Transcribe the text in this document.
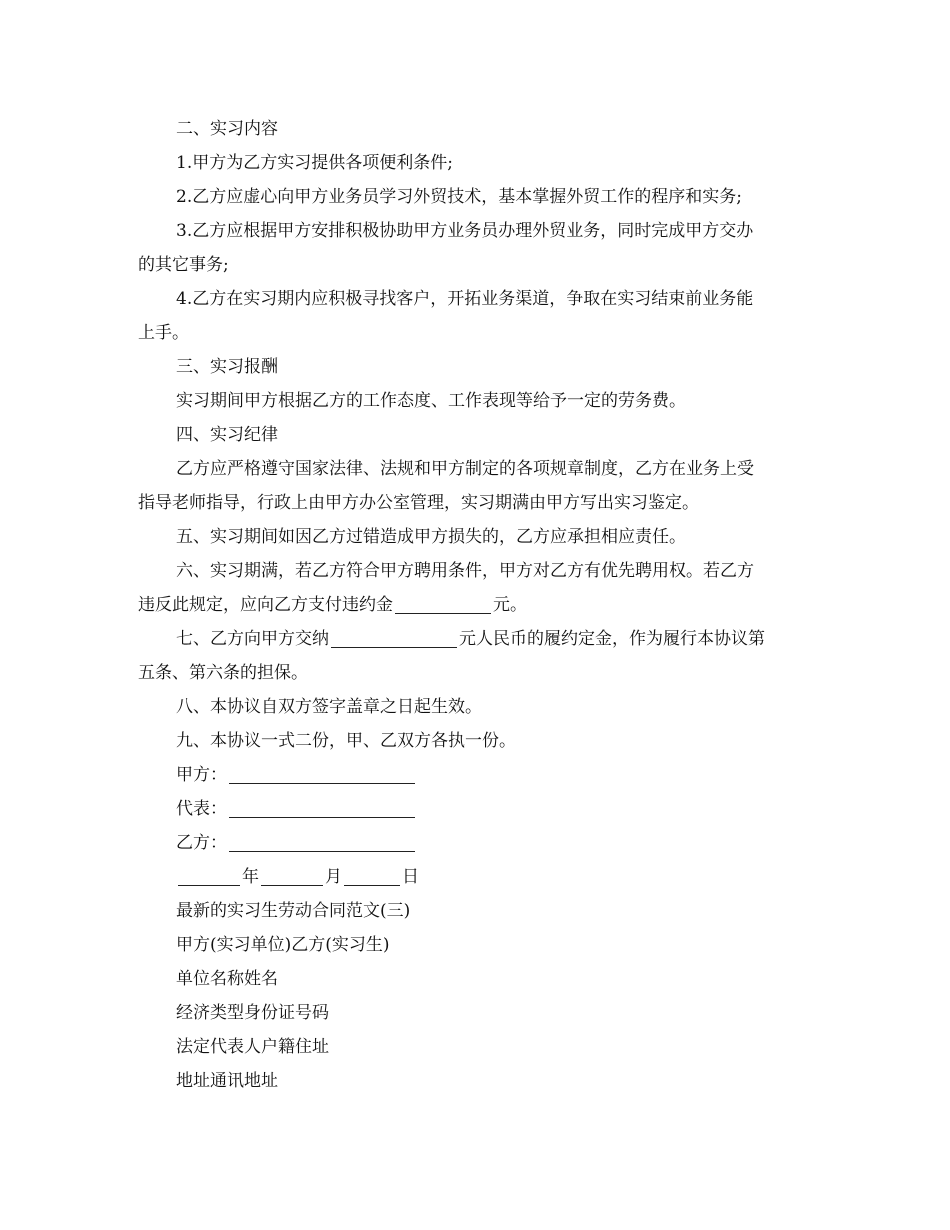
二、实习内容
1.甲方为乙方实习提供各项便利条件;
2.乙方应虚心向甲方业务员学习外贸技术，基本掌握外贸工作的程序和实务;
3.乙方应根据甲方安排积极协助甲方业务员办理外贸业务，同时完成甲方交办
的其它事务;
4.乙方在实习期内应积极寻找客户，开拓业务渠道，争取在实习结束前业务能
上手。
三、实习报酬
实习期间甲方根据乙方的工作态度、工作表现等给予一定的劳务费。
四、实习纪律
乙方应严格遵守国家法律、法规和甲方制定的各项规章制度，乙方在业务上受
指导老师指导，行政上由甲方办公室管理，实习期满由甲方写出实习鉴定。
五、实习期间如因乙方过错造成甲方损失的，乙方应承担相应责任。
六、实习期满，若乙方符合甲方聘用条件，甲方对乙方有优先聘用权。若乙方
违反此规定，应向乙方支付违约金	元。
七、乙方向甲方交纳	元人民币的履约定金，作为履行本协议第
五条、第六条的担保。
八、本协议自双方签字盖章之日起生效。
九、本协议一式二份，甲、乙双方各执一份。
甲方：
代表：
乙方：
年	月	日
最新的实习生劳动合同范文(三)
甲方(实习单位)乙方(实习生)
单位名称姓名
经济类型身份证号码
法定代表人户籍住址
地址通讯地址
